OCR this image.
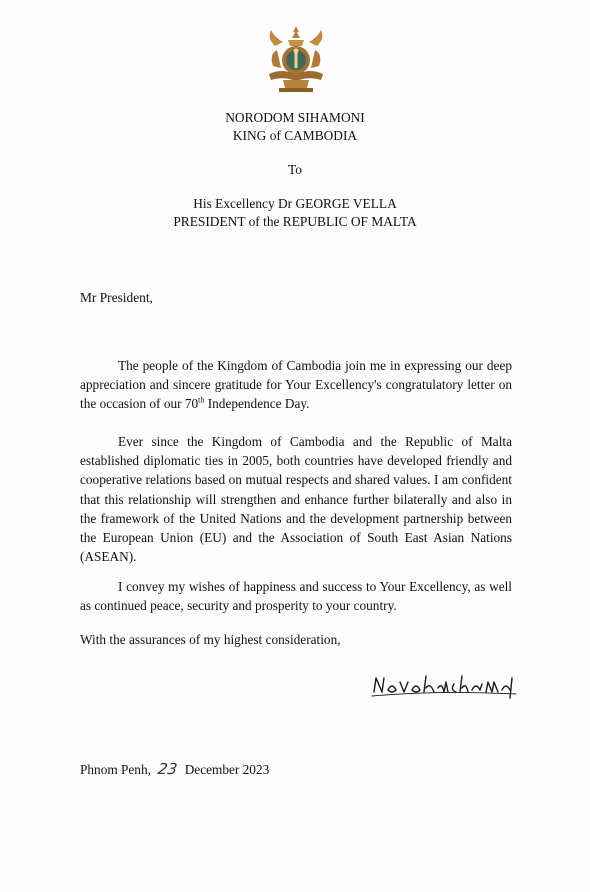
NORODOM SIHAMONI
KING of CAMBODIA
To
His Excellency Dr GEORGE VELLA
PRESIDENT of the REPUBLIC OF MALTA
Mr President,

The people of the Kingdom of Cambodia join me in expressing our deep appreciation and sincere gratitude for Your Excellency's congratulatory letter on the occasion of our 70th Independence Day.

Ever since the Kingdom of Cambodia and the Republic of Malta established diplomatic ties in 2005, both countries have developed friendly and cooperative relations based on mutual respects and shared values. I am confident that this relationship will strengthen and enhance further bilaterally and also in the framework of the United Nations and the development partnership between the European Union (EU) and the Association of South East Asian Nations (ASEAN).

I convey my wishes of happiness and success to Your Excellency, as well as continued peace, security and prosperity to your country.

With the assurances of my highest consideration,
Phnom Penh, 23 December 2023
